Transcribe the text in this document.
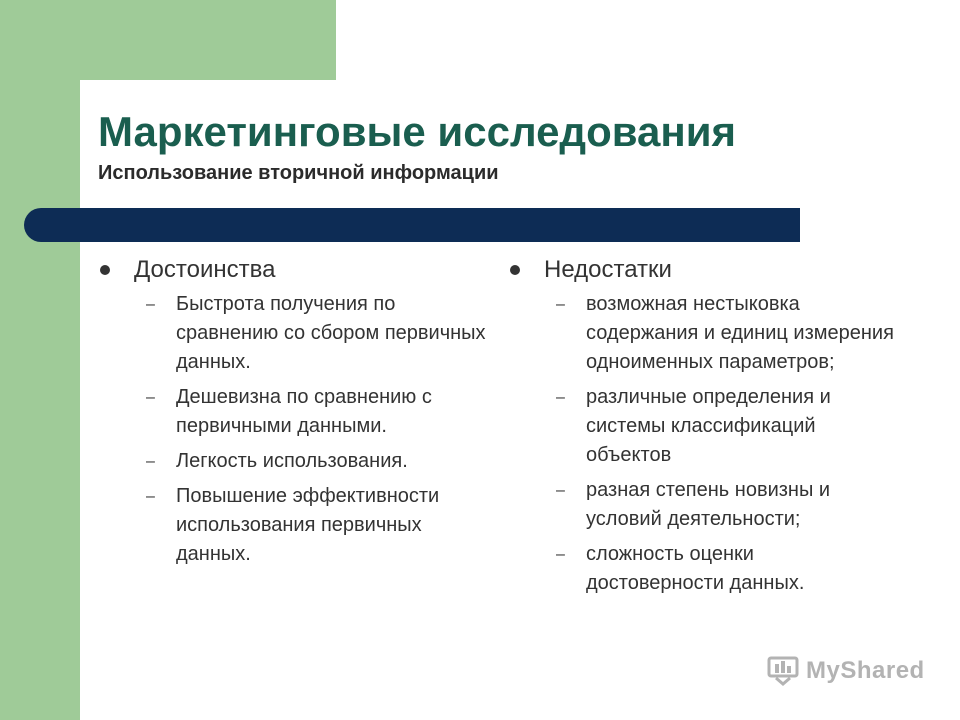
Маркетинговые исследования
Использование вторичной информации
Достоинства
–	Быстрота получения по сравнению со сбором первичных данных.
–	Дешевизна по сравнению с первичными данными.
–	Легкость использования.
–	Повышение эффективности использования первичных данных.
Недостатки
–	возможная нестыковка содержания и единиц измерения одноименных параметров;
–	различные определения и системы классификаций объектов
–	разная степень новизны и условий деятельности;
–	сложность оценки достоверности данных.
MyShared
